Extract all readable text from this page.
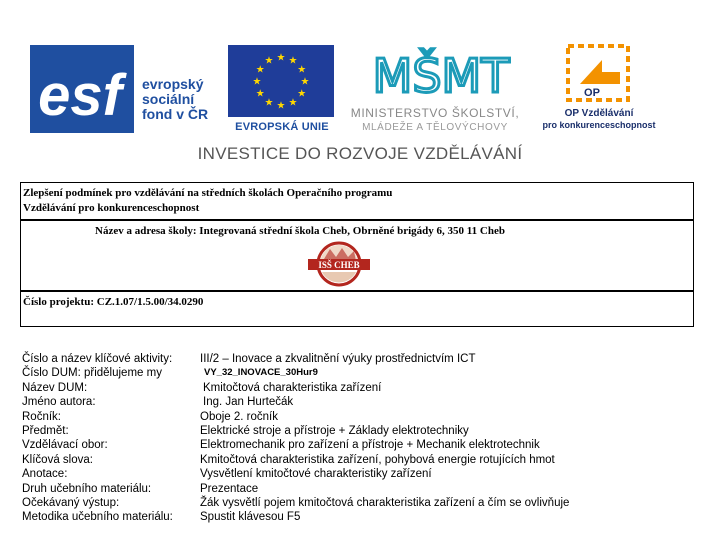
esf	evropský
sociální
fond v ČR
★ ★
★
★
★
★
★
★
★
★
★
★
EVROPSKÁ UNIE
MŠMT
MINISTERSTVO ŠKOLSTVÍ,
MLÁDEŽE A TĚLOVÝCHOVY
OP
OP Vzdělávání
pro konkurenceschopnost
INVESTICE DO ROZVOJE VZDĚLÁVÁNÍ
Zlepšení podmínek pro vzdělávání na středních školách Operačního programu
Vzdělávání pro konkurenceschopnost
Název a adresa školy: Integrovaná střední škola Cheb, Obrněné brigády 6, 350 11 Cheb
ISŠ CHEB
Číslo projektu: CZ.1.07/1.5.00/34.0290
Číslo a název klíčové aktivity: III/2 – Inovace a zkvalitnění výuky prostřednictvím ICT
Číslo DUM: přidělujeme my	VY_32_INOVACE_30Hur9
Název DUM:	Kmitočtová charakteristika zařízení
Jméno autora:	Ing. Jan Hurtečák
Ročník:	Oboje 2. ročník
Předmět:	Elektrické stroje a přístroje + Základy elektrotechniky
Vzdělávací obor:	Elektromechanik pro zařízení a přístroje + Mechanik elektrotechnik
Klíčová slova:	Kmitočtová charakteristika zařízení, pohybová energie rotujících hmot
Anotace:	Vysvětlení kmitočtové charakteristiky zařízení
Druh učebního materiálu:	Prezentace
Očekávaný výstup:	Žák vysvětlí pojem kmitočtová charakteristika zařízení a čím se ovlivňuje
Metodika učebního materiálu: Spustit klávesou F5
